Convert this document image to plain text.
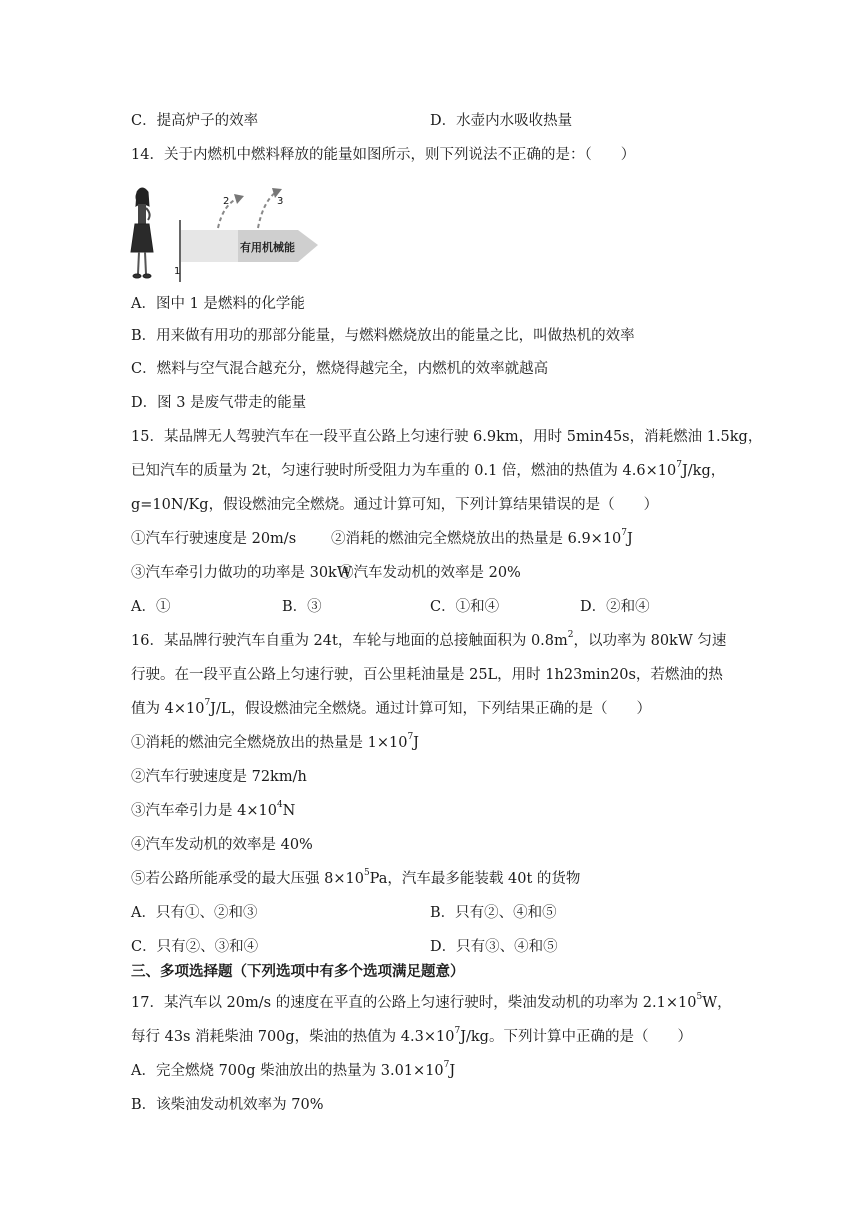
C．提高炉子的效率	D．水壶内水吸收热量
14．关于内燃机中燃料释放的能量如图所示，则下列说法不正确的是：（　　）
1
2	3
有用机械能
A．图中 1 是燃料的化学能
B．用来做有用功的那部分能量，与燃料燃烧放出的能量之比，叫做热机的效率
C．燃料与空气混合越充分，燃烧得越完全，内燃机的效率就越高
D．图 3 是废气带走的能量
15．某品牌无人驾驶汽车在一段平直公路上匀速行驶 6.9km，用时 5min45s，消耗燃油 1.5kg，
已知汽车的质量为 2t，匀速行驶时所受阻力为车重的 0.1 倍，燃油的热值为 $4.6\times 10^7J/kg$，
g=10N/Kg，假设燃油完全燃烧。通过计算可知，下列计算结果错误的是（　　）
①汽车行驶速度是 20m/s	②消耗的燃油完全燃烧放出的热量是 $6.9\times 10^7J$
③汽车牵引力做功的功率是 30kW
④汽车发动机的效率是 20%
A．①	B．③	C．①和④	D．②和④
16．某品牌行驶汽车自重为 24t，车轮与地面的总接触面积为 $0.8m^2$，以功率为 80kW 匀速
行驶。在一段平直公路上匀速行驶，百公里耗油量是 25L，用时 1h23min20s，若燃油的热
值为 $4\times 10^7J/L$，假设燃油完全燃烧。通过计算可知，下列结果正确的是（　　）
①消耗的燃油完全燃烧放出的热量是 $1\times 10^7J$
②汽车行驶速度是 72km/h
③汽车牵引力是 $4\times 10^4N$
④汽车发动机的效率是 40%
⑤若公路所能承受的最大压强 $8\times 10^5Pa$，汽车最多能装载 40t 的货物
A．只有①、②和③	B．只有②、④和⑤
C．只有②、③和④	D．只有③、④和⑤
三、多项选择题（下列选项中有多个选项满足题意）
17．某汽车以 20m/s 的速度在平直的公路上匀速行驶时，柴油发动机的功率为 $2.1\times 10^5W$，
每行 43s 消耗柴油 700g，柴油的热值为 $4.3\times 10^7J/kg$。下列计算中正确的是（　　）
A．完全燃烧 700g 柴油放出的热量为 $3.01\times 10^7J$
B．该柴油发动机效率为 70%
